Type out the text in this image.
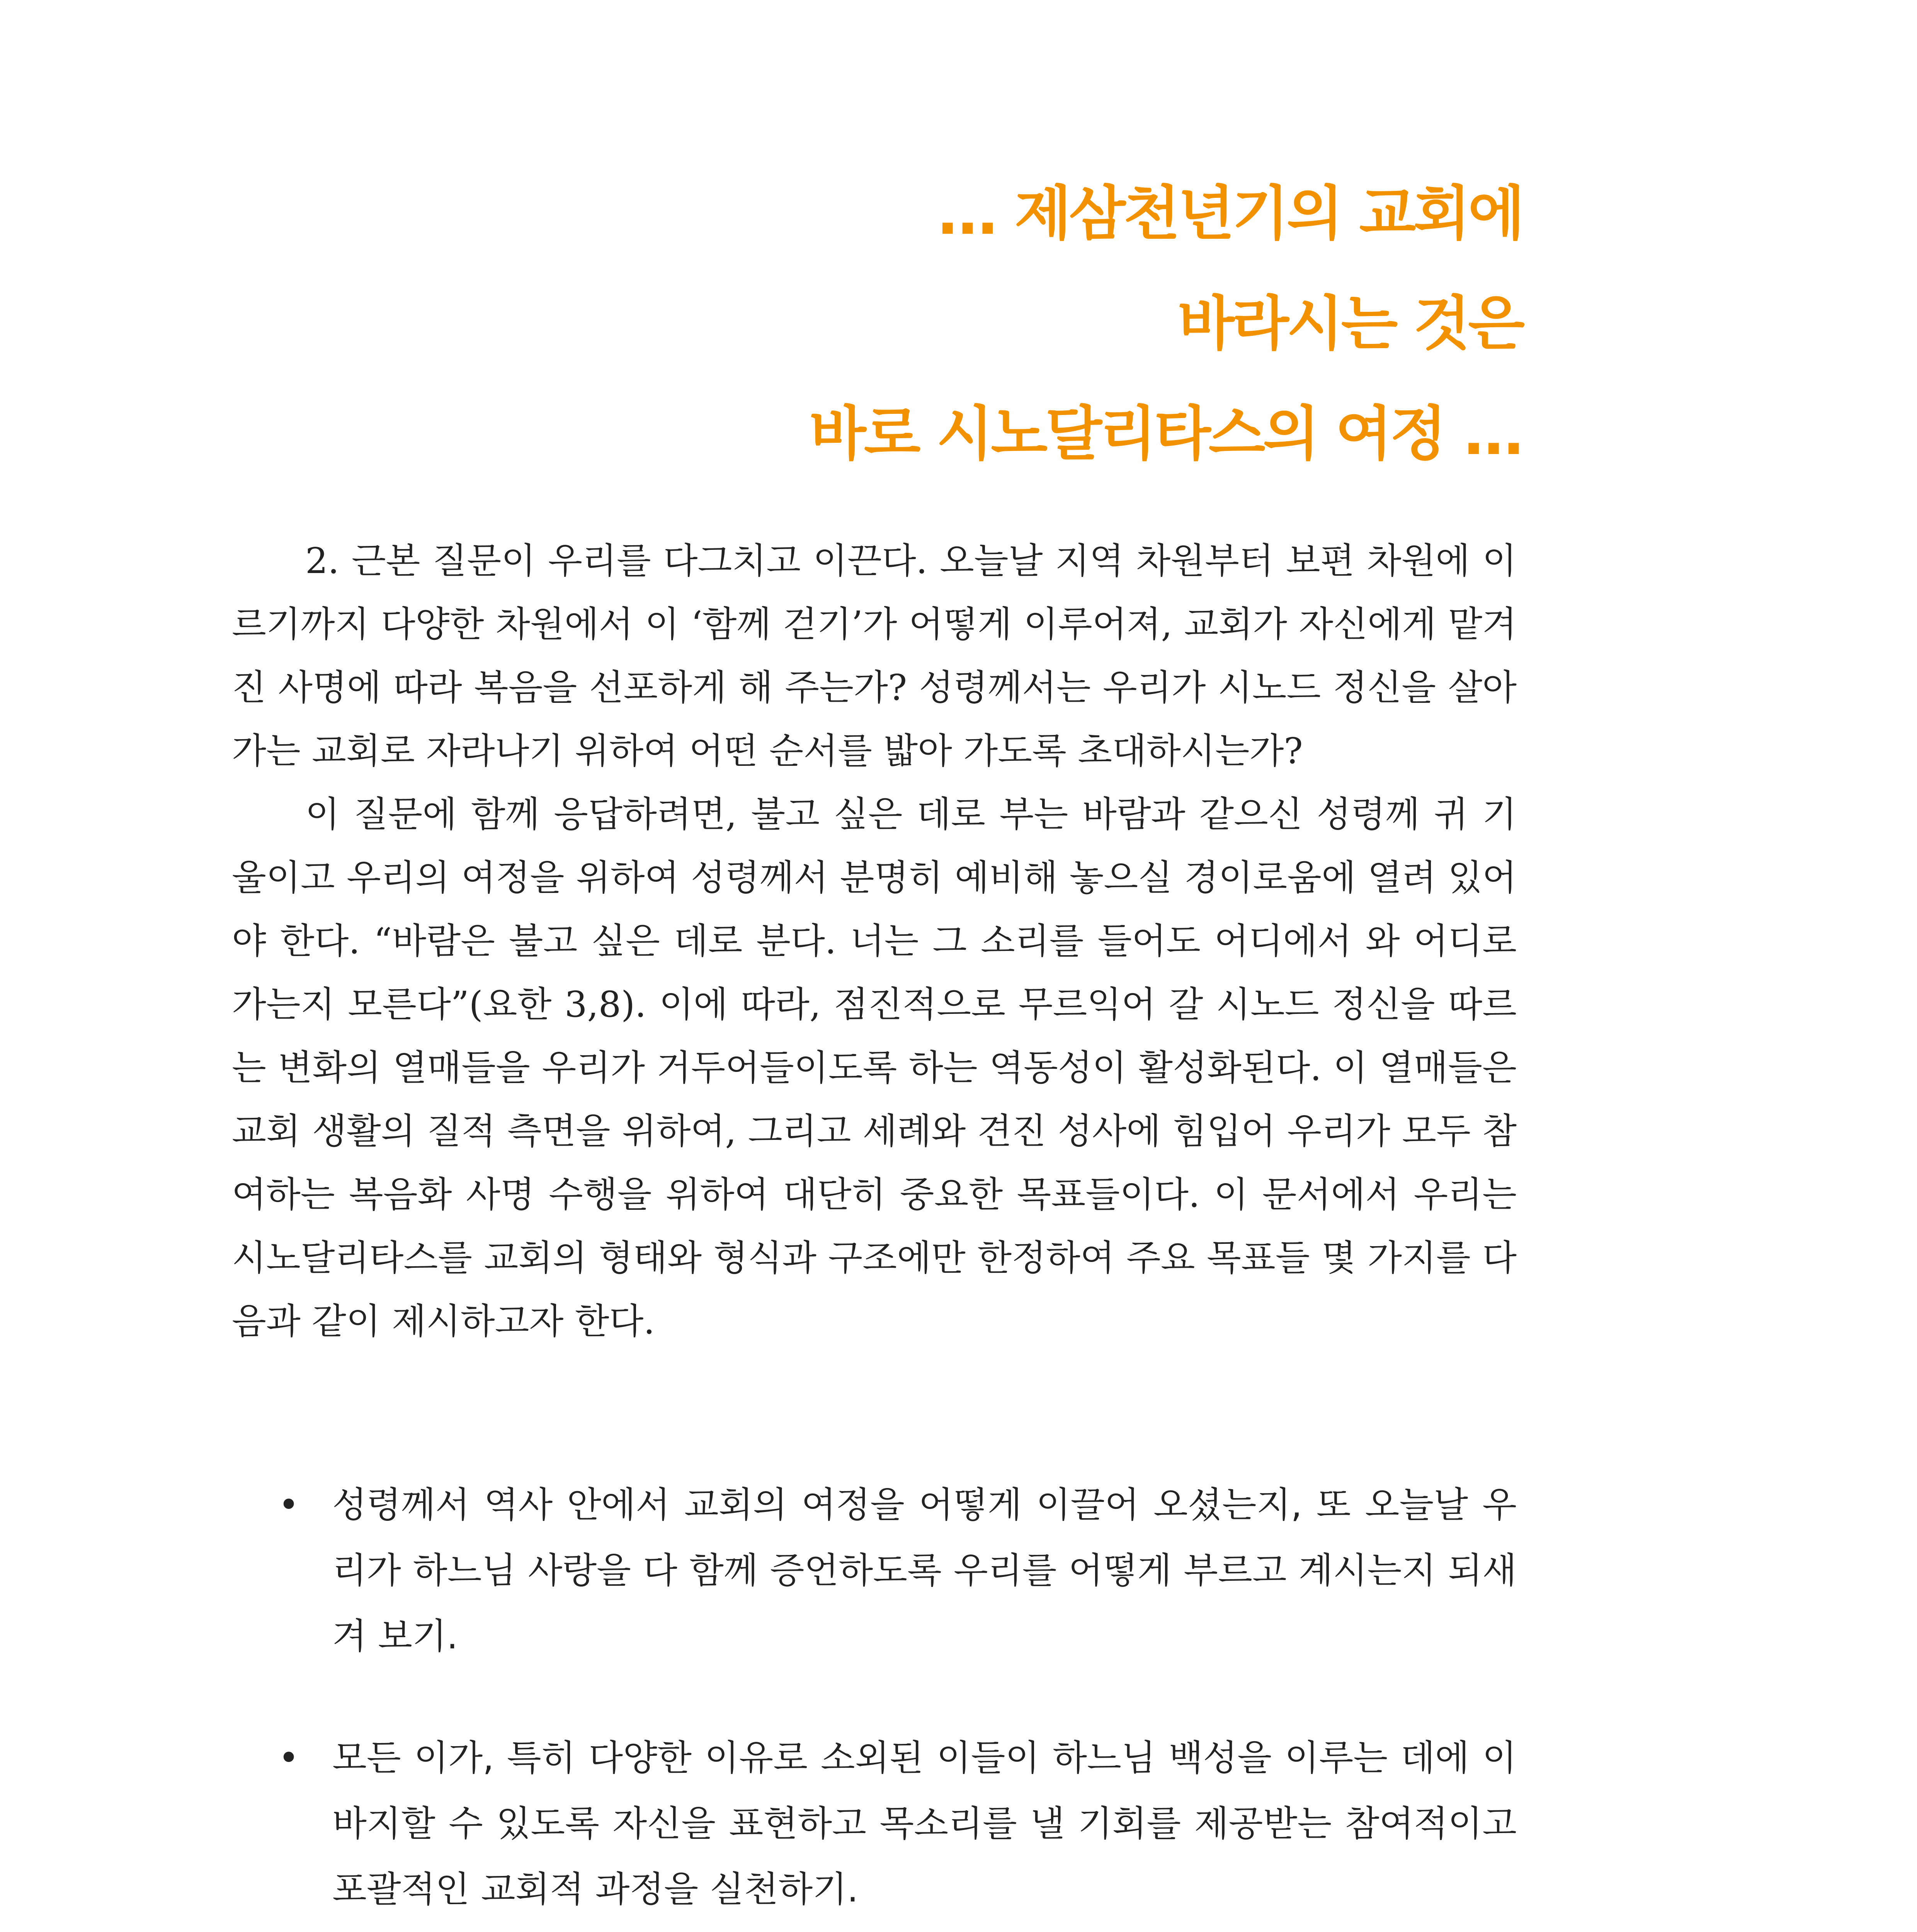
... 제삼천년기의 교회에
바라시는 것은
바로 시노달리타스의 여정 ...

2. 근본 질문이 우리를 다그치고 이끈다. 오늘날 지역 차원부터 보편 차원에 이르기까지 다양한 차원에서 이 ‘함께 걷기’가 어떻게 이루어져, 교회가 자신에게 맡겨진 사명에 따라 복음을 선포하게 해 주는가? 성령께서는 우리가 시노드 정신을 살아가는 교회로 자라나기 위하여 어떤 순서를 밟아 가도록 초대하시는가?

이 질문에 함께 응답하려면, 불고 싶은 데로 부는 바람과 같으신 성령께 귀 기울이고 우리의 여정을 위하여 성령께서 분명히 예비해 놓으실 경이로움에 열려 있어야 한다. “바람은 불고 싶은 데로 분다. 너는 그 소리를 들어도 어디에서 와 어디로 가는지 모른다”(요한 3,8). 이에 따라, 점진적으로 무르익어 갈 시노드 정신을 따르는 변화의 열매들을 우리가 거두어들이도록 하는 역동성이 활성화된다. 이 열매들은 교회 생활의 질적 측면을 위하여, 그리고 세례와 견진 성사에 힘입어 우리가 모두 참여하는 복음화 사명 수행을 위하여 대단히 중요한 목표들이다. 이 문서에서 우리는 시노달리타스를 교회의 형태와 형식과 구조에만 한정하여 주요 목표들 몇 가지를 다음과 같이 제시하고자 한다.

• 성령께서 역사 안에서 교회의 여정을 어떻게 이끌어 오셨는지, 또 오늘날 우리가 하느님 사랑을 다 함께 증언하도록 우리를 어떻게 부르고 계시는지 되새겨 보기.
• 모든 이가, 특히 다양한 이유로 소외된 이들이 하느님 백성을 이루는 데에 이바지할 수 있도록 자신을 표현하고 목소리를 낼 기회를 제공받는 참여적이고 포괄적인 교회적 과정을 실천하기.
